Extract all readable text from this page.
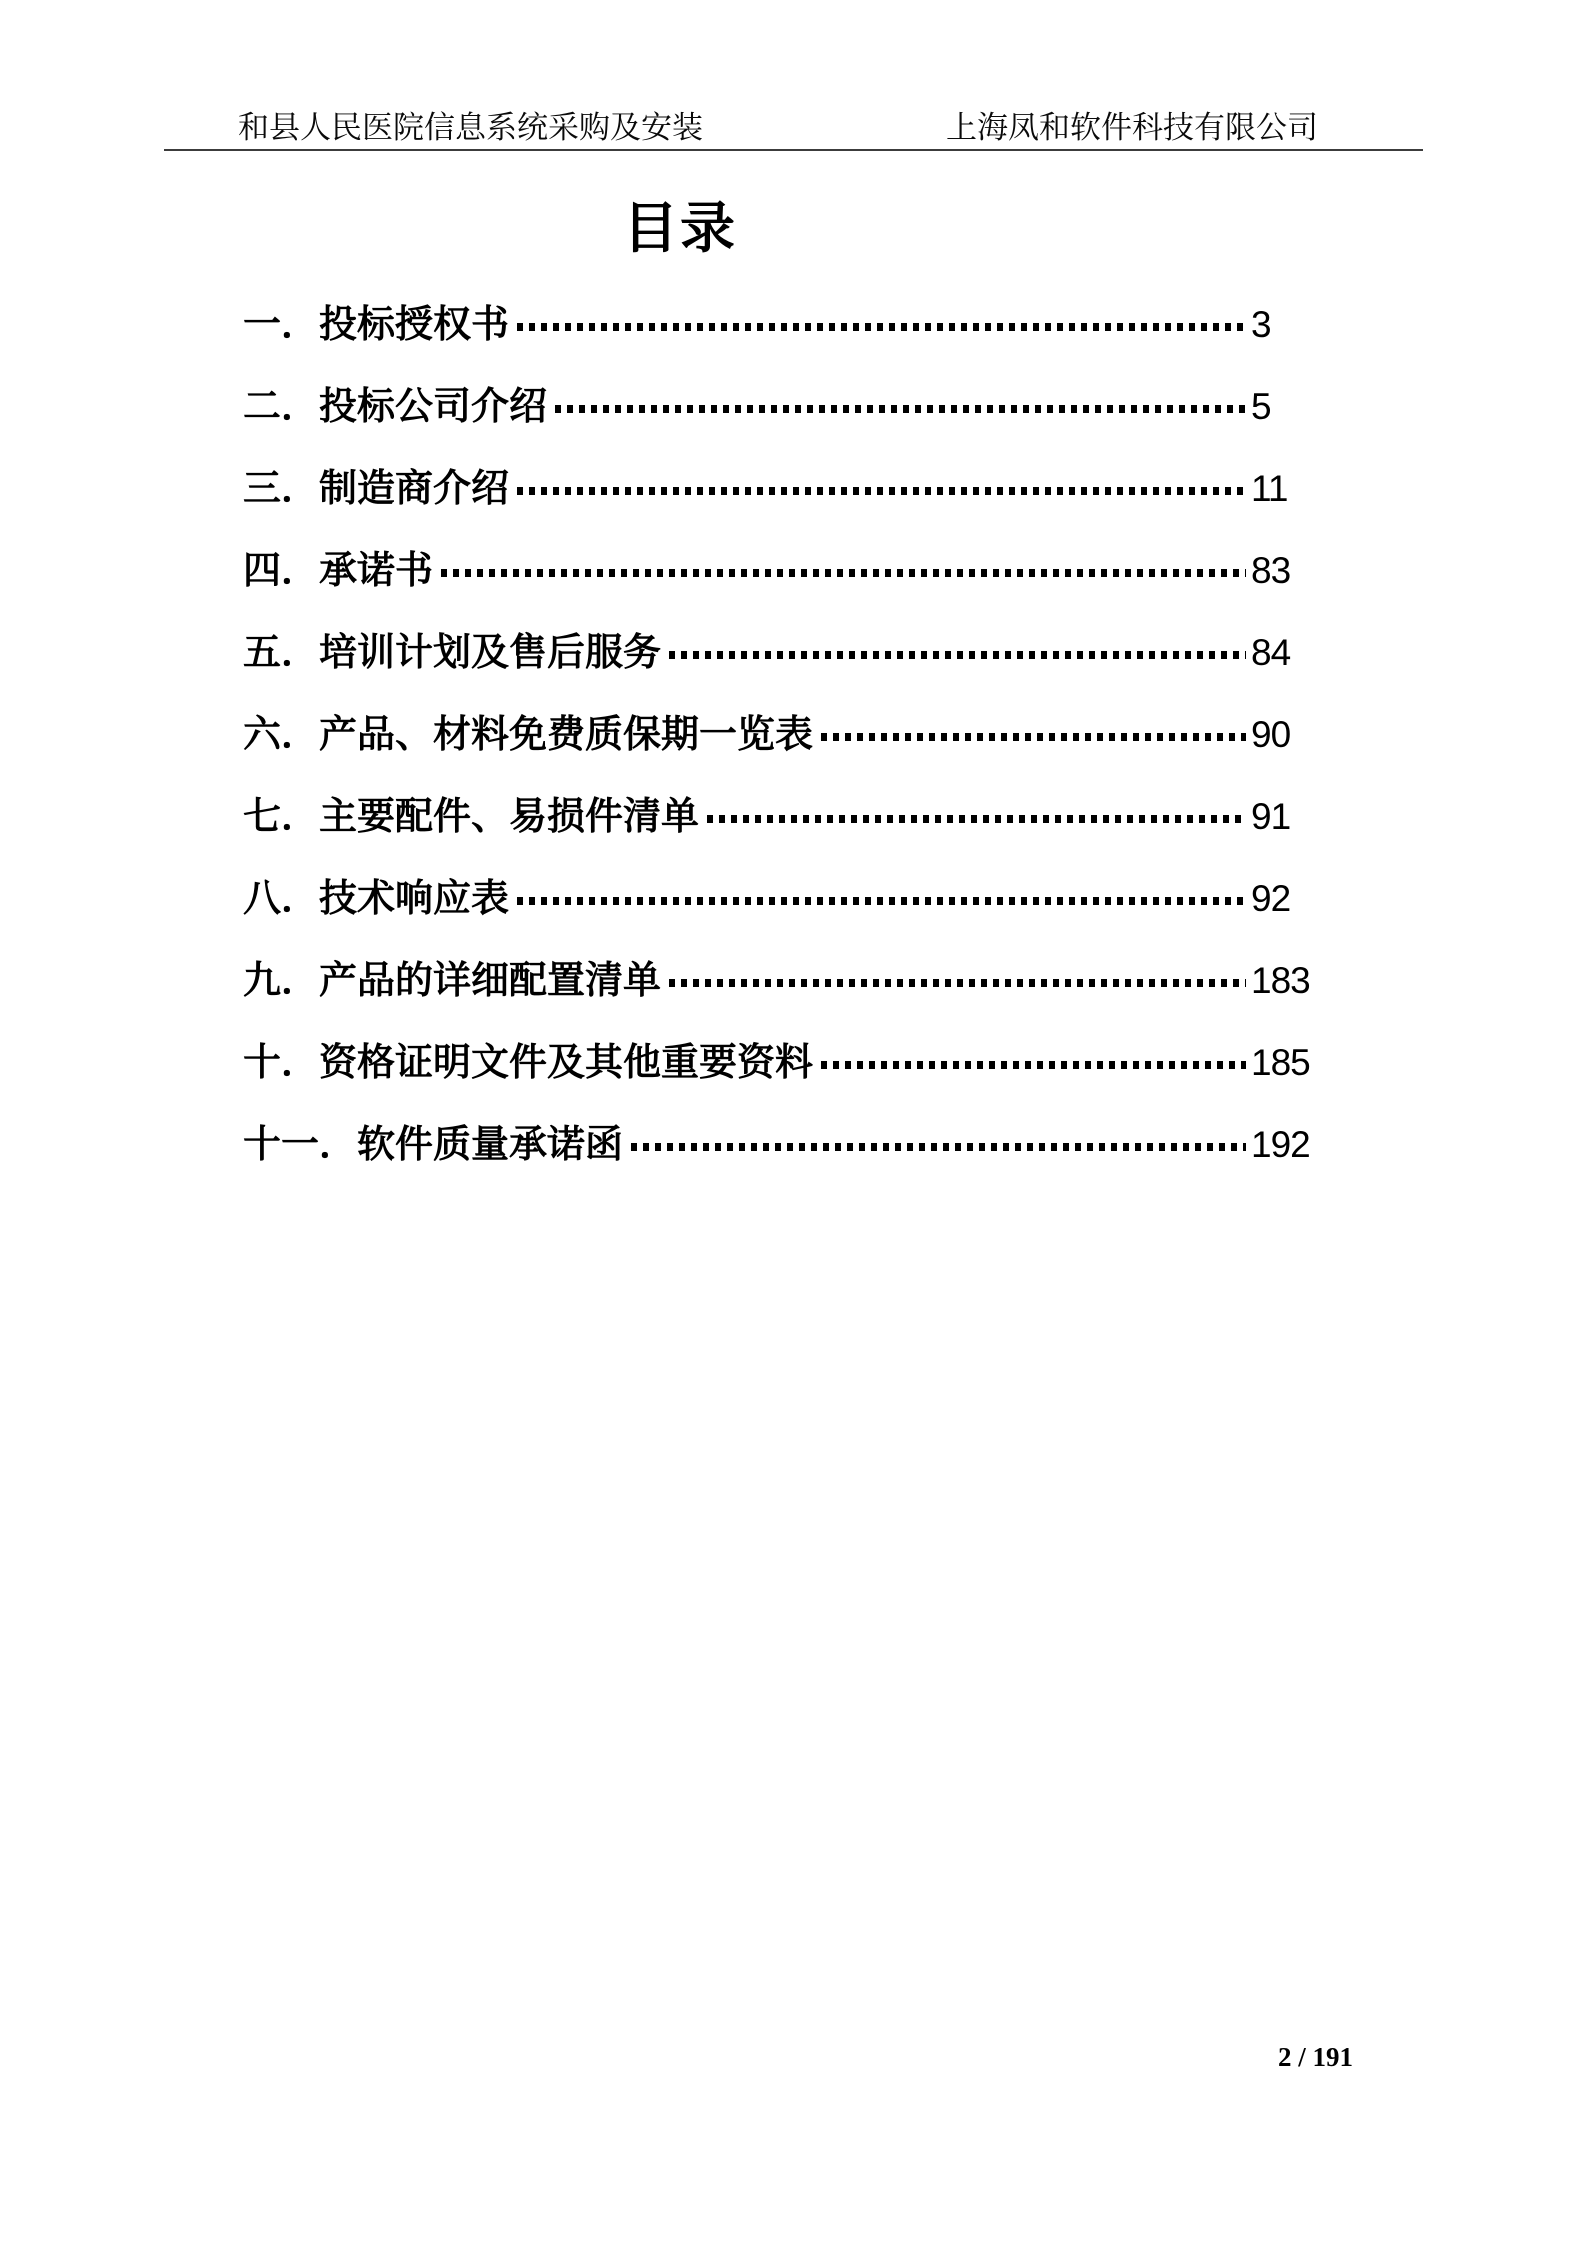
和县人民医院信息系统采购及安装	上海凤和软件科技有限公司
目录
一．投标授权书	3
二．投标公司介绍	5
三．制造商介绍	11
四．承诺书	83
五．培训计划及售后服务	84
六．产品、材料免费质保期一览表	90
七．主要配件、易损件清单	91
八．技术响应表	92
九．产品的详细配置清单	183
十．资格证明文件及其他重要资料	185
十一．软件质量承诺函	192
2 / 191
